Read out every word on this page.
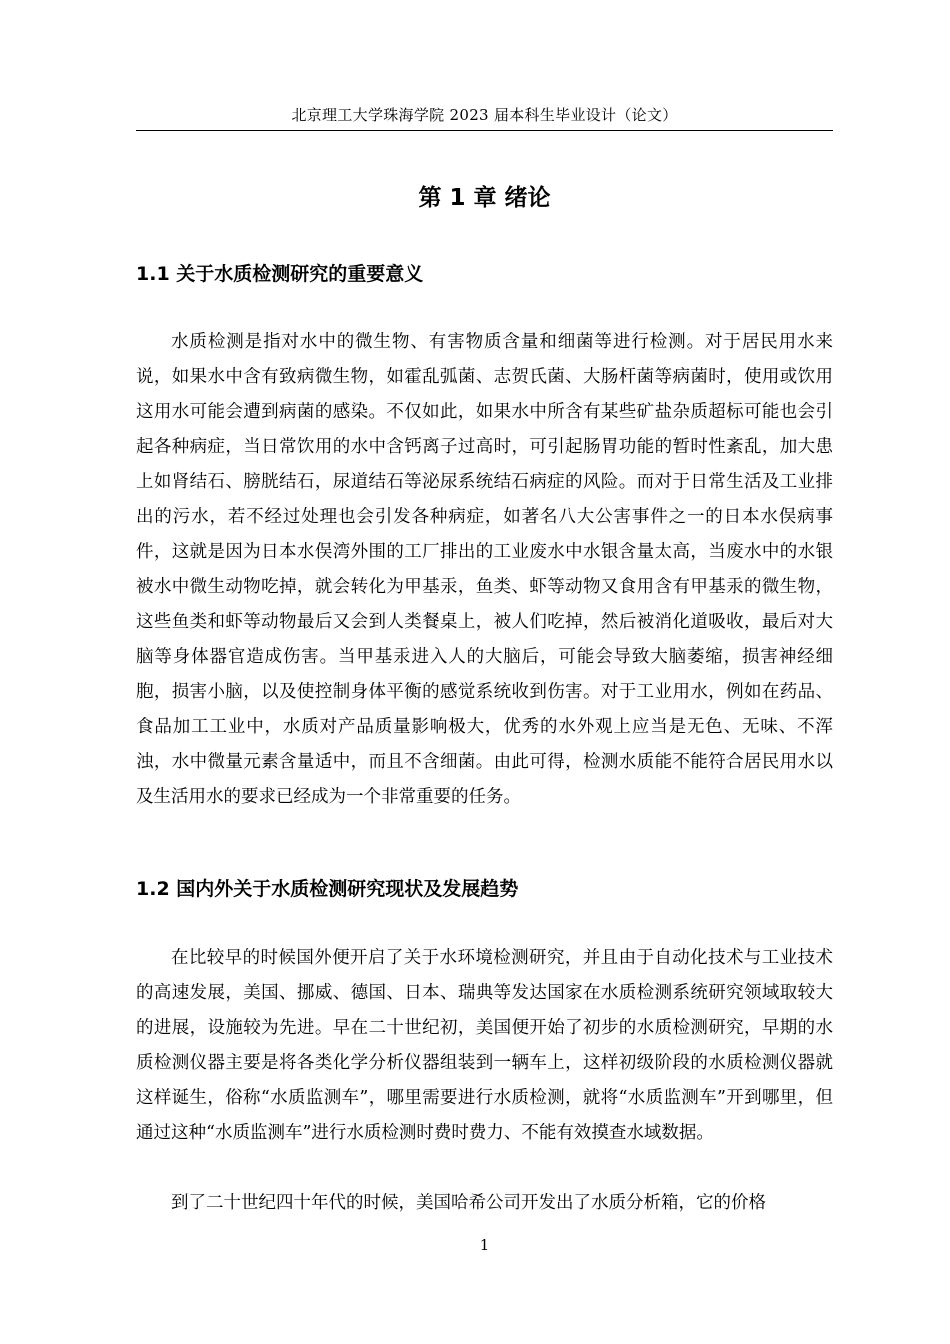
北京理工大学珠海学院 2023 届本科生毕业设计（论文）
第 1 章 绪论
1.1 关于水质检测研究的重要意义

水质检测是指对水中的微生物、有害物质含量和细菌等进行检测。对于居民用水来说，如果水中含有致病微生物，如霍乱弧菌、志贺氏菌、大肠杆菌等病菌时，使用或饮用这用水可能会遭到病菌的感染。不仅如此，如果水中所含有某些矿盐杂质超标可能也会引起各种病症，当日常饮用的水中含钙离子过高时，可引起肠胃功能的暂时性紊乱，加大患上如肾结石、膀胱结石，尿道结石等泌尿系统结石病症的风险。而对于日常生活及工业排出的污水，若不经过处理也会引发各种病症，如著名八大公害事件之一的日本水俣病事件，这就是因为日本水俣湾外围的工厂排出的工业废水中水银含量太高，当废水中的水银被水中微生动物吃掉，就会转化为甲基汞，鱼类、虾等动物又食用含有甲基汞的微生物，这些鱼类和虾等动物最后又会到人类餐桌上，被人们吃掉，然后被消化道吸收，最后对大脑等身体器官造成伤害。当甲基汞进入人的大脑后，可能会导致大脑萎缩，损害神经细胞，损害小脑，以及使控制身体平衡的感觉系统收到伤害。对于工业用水，例如在药品、食品加工工业中，水质对产品质量影响极大，优秀的水外观上应当是无色、无味、不浑浊，水中微量元素含量适中，而且不含细菌。由此可得，检测水质能不能符合居民用水以及生活用水的要求已经成为一个非常重要的任务。

1.2 国内外关于水质检测研究现状及发展趋势

在比较早的时候国外便开启了关于水环境检测研究，并且由于自动化技术与工业技术的高速发展，美国、挪威、德国、日本、瑞典等发达国家在水质检测系统研究领域取较大的进展，设施较为先进。早在二十世纪初，美国便开始了初步的水质检测研究，早期的水质检测仪器主要是将各类化学分析仪器组装到一辆车上，这样初级阶段的水质检测仪器就这样诞生，俗称“水质监测车”，哪里需要进行水质检测，就将“水质监测车”开到哪里，但通过这种“水质监测车”进行水质检测时费时费力、不能有效摸查水域数据。

到了二十世纪四十年代的时候，美国哈希公司开发出了水质分析箱，它的价格

1
